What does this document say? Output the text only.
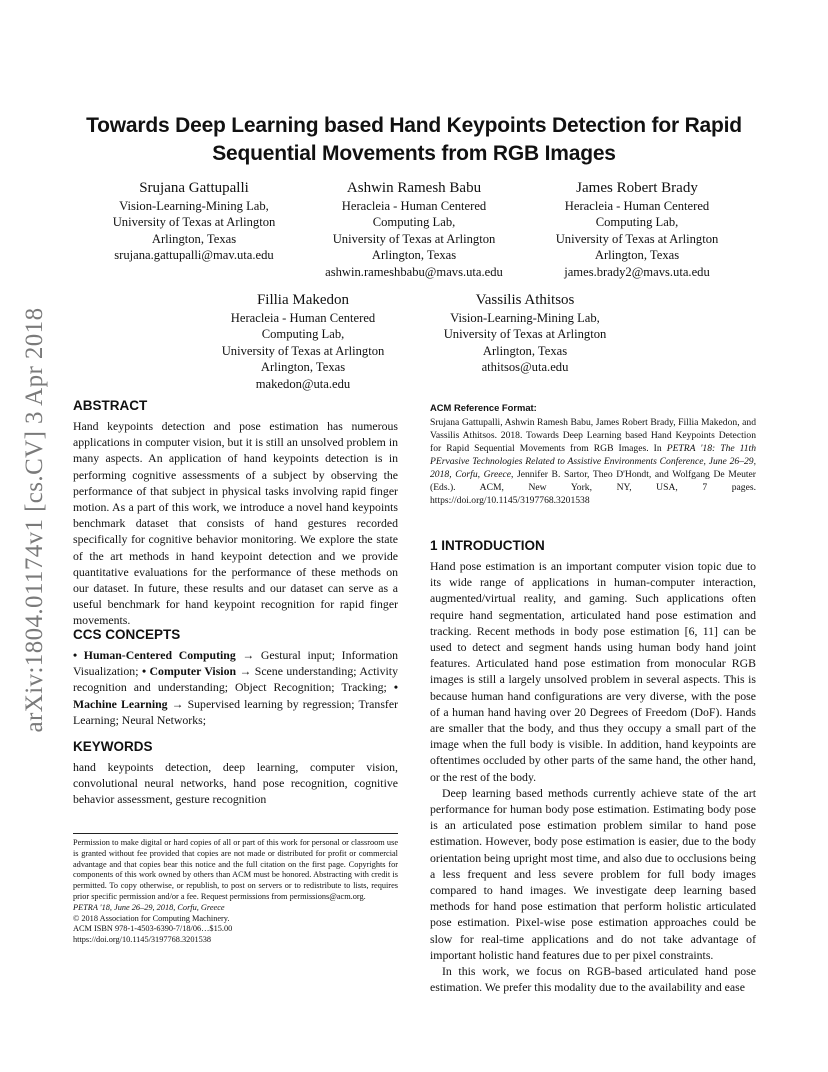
Towards Deep Learning based Hand Keypoints Detection for Rapid Sequential Movements from RGB Images
Srujana Gattupalli
Vision-Learning-Mining Lab,
University of Texas at Arlington
Arlington, Texas
srujana.gattupalli@mav.uta.edu
Ashwin Ramesh Babu
Heracleia - Human Centered
Computing Lab,
University of Texas at Arlington
Arlington, Texas
ashwin.rameshbabu@mavs.uta.edu
James Robert Brady
Heracleia - Human Centered
Computing Lab,
University of Texas at Arlington
Arlington, Texas
james.brady2@mavs.uta.edu
Fillia Makedon
Heracleia - Human Centered
Computing Lab,
University of Texas at Arlington
Arlington, Texas
makedon@uta.edu
Vassilis Athitsos
Vision-Learning-Mining Lab,
University of Texas at Arlington
Arlington, Texas
athitsos@uta.edu
arXiv:1804.01174v1 [cs.CV] 3 Apr 2018 ABSTRACT
Hand keypoints detection and pose estimation has numerous applications in computer vision, but it is still an unsolved problem in many aspects. An application of hand keypoints detection is in performing cognitive assessments of a subject by observing the performance of that subject in physical tasks involving rapid finger motion. As a part of this work, we introduce a novel hand keypoints benchmark dataset that consists of hand gestures recorded specifically for cognitive behavior monitoring. We explore the state of the art methods in hand keypoint detection and we provide quantitative evaluations for the performance of these methods on our dataset. In future, these results and our dataset can serve as a useful benchmark for hand keypoint recognition for rapid finger movements.
CCS CONCEPTS
• Human-Centered Computing → Gestural input; Information Visualization; • Computer Vision → Scene understanding; Activity recognition and understanding; Object Recognition; Tracking; • Machine Learning → Supervised learning by regression; Transfer Learning; Neural Networks;
KEYWORDS
hand keypoints detection, deep learning, computer vision, convolutional neural networks, hand pose recognition, cognitive behavior assessment, gesture recognition

Permission to make digital or hard copies of all or part of this work for personal or classroom use is granted without fee provided that copies are not made or distributed for profit or commercial advantage and that copies bear this notice and the full citation on the first page. Copyrights for components of this work owned by others than ACM must be honored. Abstracting with credit is permitted. To copy otherwise, or republish, to post on servers or to redistribute to lists, requires prior specific permission and/or a fee. Request permissions from permissions@acm.org.

PETRA '18, June 26–29, 2018, Corfu, Greece

© 2018 Association for Computing Machinery.

ACM ISBN 978-1-4503-6390-7/18/06…$15.00

https://doi.org/10.1145/3197768.3201538

ACM Reference Format:
Srujana Gattupalli, Ashwin Ramesh Babu, James Robert Brady, Fillia Makedon, and Vassilis Athitsos. 2018. Towards Deep Learning based Hand Keypoints Detection for Rapid Sequential Movements from RGB Images. In PETRA '18: The 11th PErvasive Technologies Related to Assistive Environments Conference, June 26–29, 2018, Corfu, Greece, Jennifer B. Sartor, Theo D'Hondt, and Wolfgang De Meuter (Eds.). ACM, New York, NY, USA, 7 pages. https://doi.org/10.1145/3197768.3201538
1 INTRODUCTION

Hand pose estimation is an important computer vision topic due to its wide range of applications in human-computer interaction, augmented/virtual reality, and gaming. Such applications often require hand segmentation, articulated hand pose estimation and tracking. Recent methods in body pose estimation [6, 11] can be used to detect and segment hands using human body hand joint features. Articulated hand pose estimation from monocular RGB images is still a largely unsolved problem in several aspects. This is because human hand configurations are very diverse, with the pose of a human hand having over 20 Degrees of Freedom (DoF). Hands are smaller that the body, and thus they occupy a small part of the image when the full body is visible. In addition, hand keypoints are oftentimes occluded by other parts of the same hand, the other hand, or the rest of the body.

Deep learning based methods currently achieve state of the art performance for human body pose estimation. Estimating body pose is an articulated pose estimation problem similar to hand pose estimation. However, body pose estimation is easier, due to the body orientation being upright most time, and also due to occlusions being a less frequent and less severe problem for full body images compared to hand images. We investigate deep learning based methods for hand pose estimation that perform holistic articulated pose estimation. Pixel-wise pose estimation approaches could be slow for real-time applications and do not take advantage of important holistic hand features due to per pixel constraints.

In this work, we focus on RGB-based articulated hand pose estimation. We prefer this modality due to the availability and ease
